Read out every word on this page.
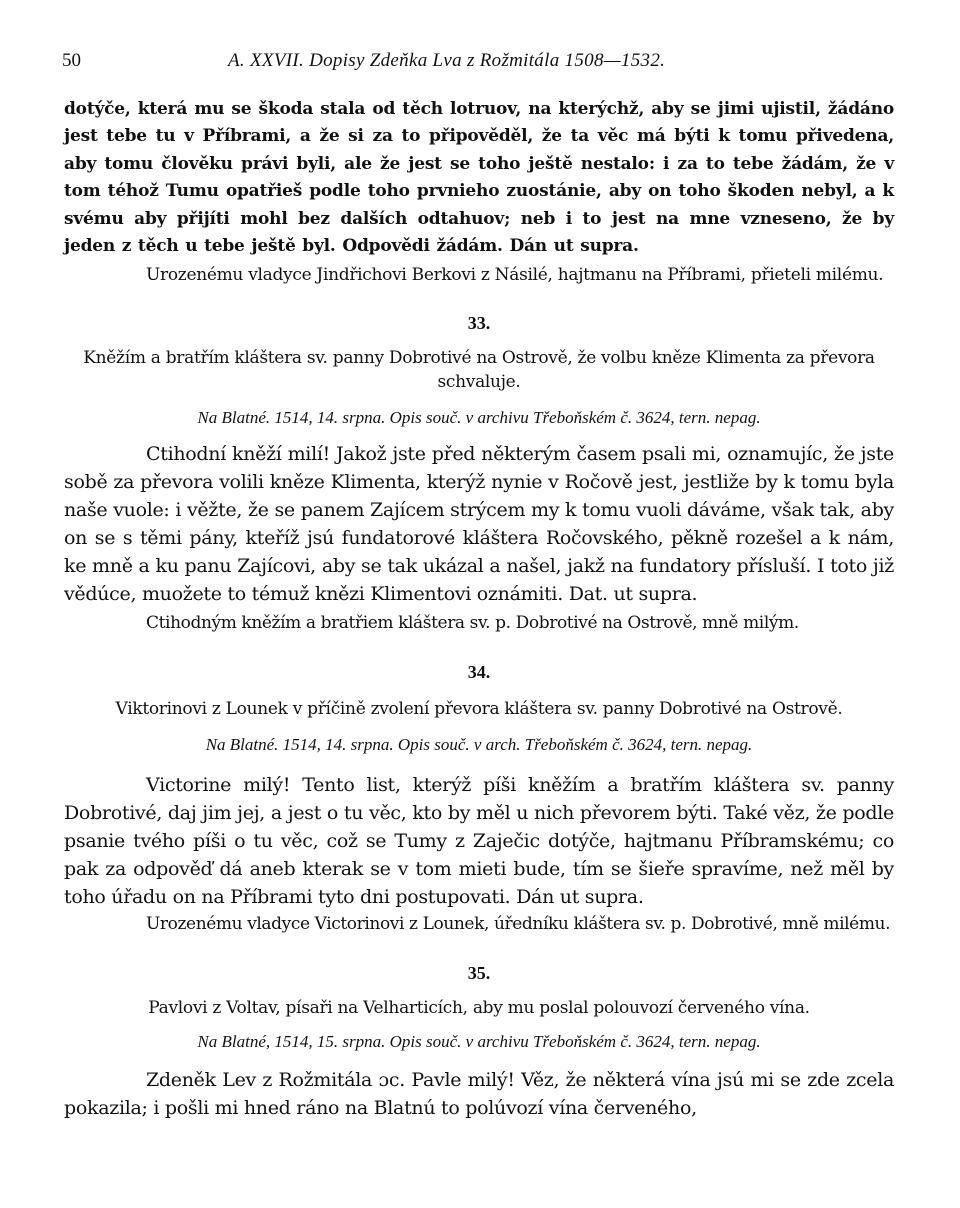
50	A. XXVII. Dopisy Zdeňka Lva z Rožmitála 1508—1532.

dotýče, která mu se škoda stala od těch lotruov, na kterýchž, aby se jimi ujistil, žádáno jest tebe tu v Příbrami, a že si za to připověděl, že ta věc má býti k tomu přivedena, aby tomu člověku právi byli, ale že jest se toho ještě nestalo: i za to tebe žádám, že v tom téhož Tumu opatřieš podle toho prvnieho zuostánie, aby on toho škoden nebyl, a k svému aby přijíti mohl bez dalších odtahuov; neb i to jest na mne vzneseno, že by jeden z těch u tebe ještě byl. Odpovědi žádám. Dán ut supra.

Urozenému vladyce Jindřichovi Berkovi z Násilé, hajtmanu na Příbrami, přieteli milému.

33.

Kněžím a bratřím kláštera sv. panny Dobrotivé na Ostrově, že volbu kněze Klimenta za převora schvaluje.

Na Blatné. 1514, 14. srpna. Opis souč. v archivu Třeboňském č. 3624, tern. nepag.

Ctihodní kněží milí! Jakož jste před některým časem psali mi, oznamujíc, že jste sobě za převora volili kněze Klimenta, kterýž nynie v Ročově jest, jestliže by k tomu byla naše vuole: i věžte, že se panem Zajícem strýcem my k tomu vuoli dáváme, však tak, aby on se s těmi pány, kteříž jsú fundatorové kláštera Ročovského, pěkně rozešel a k nám, ke mně a ku panu Zajícovi, aby se tak ukázal a našel, jakž na fundatory přísluší. I toto již vědúce, muožete to témuž knězi Klimentovi oznámiti. Dat. ut supra.

Ctihodným kněžím a bratřiem kláštera sv. p. Dobrotivé na Ostrově, mně milým.

34.

Viktorinovi z Lounek v příčině zvolení převora kláštera sv. panny Dobrotivé na Ostrově.

Na Blatné. 1514, 14. srpna. Opis souč. v arch. Třeboňském č. 3624, tern. nepag.

Victorine milý! Tento list, kterýž píši kněžím a bratřím kláštera sv. panny Dobrotivé, daj jim jej, a jest o tu věc, kto by měl u nich převorem býti. Také věz, že podle psanie tvého píši o tu věc, což se Tumy z Zaječic dotýče, hajtmanu Příbramskému; co pak za odpověď dá aneb kterak se v tom mieti bude, tím se šieře spravíme, než měl by toho úřadu on na Příbrami tyto dni postupovati. Dán ut supra.

Urozenému vladyce Victorinovi z Lounek, úředníku kláštera sv. p. Dobrotivé, mně milému.

35.

Pavlovi z Voltav, písaři na Velharticích, aby mu poslal polouvozí červeného vína.

Na Blatné, 1514, 15. srpna. Opis souč. v archivu Třeboňském č. 3624, tern. nepag.

Zdeněk Lev z Rožmitála ɔc. Pavle milý! Věz, že některá vína jsú mi se zde zcela pokazila; i pošli mi hned ráno na Blatnú to polúvozí vína červeného,
